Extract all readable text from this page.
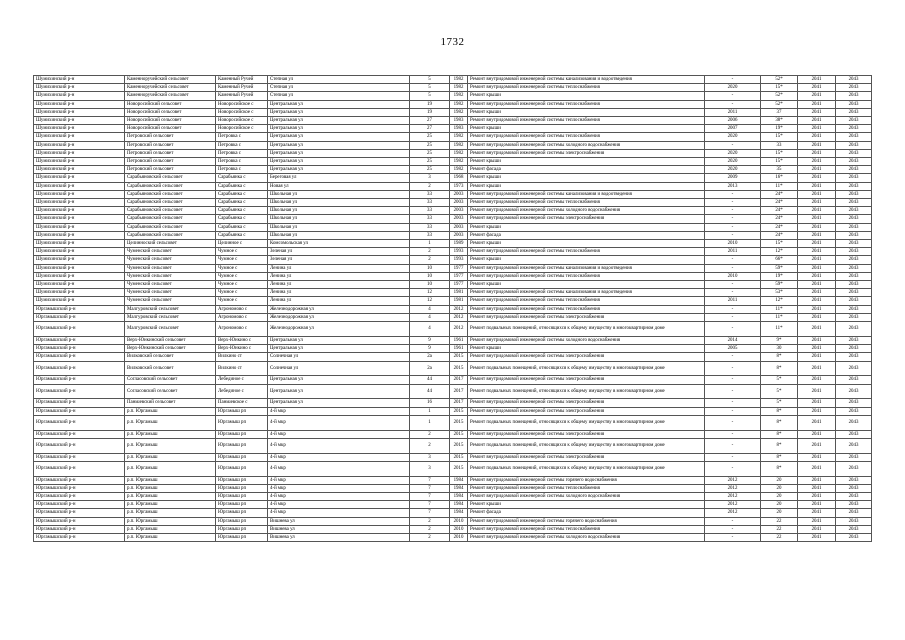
1732
Шумихинский р-н	Каменноручейский сельсовет	Каменный Ручей	Степная ул	5	1982	Ремонт внутридомовой инженерной системы канализования и водоотведения	-	52*	2041	2043
Шумихинский р-н	Каменноручейский сельсовет	Каменный Ручей	Степная ул	5	1982	Ремонт внутридомовой инженерной системы теплоснабжения	2020	15*	2041	2043
Шумихинский р-н	Каменноручейский сельсовет	Каменный Ручей	Степная ул	5	1982	Ремонт крыши	-	52*	2041	2043
Шумихинский р-н	Новоросийский сельсовет	Новоросийское с	Центральная ул	19	1982	Ремонт внутридомовой инженерной системы теплоснабжения	-	52*	2041	2043
Шумихинский р-н	Новоросийский сельсовет	Новоросийское с	Центральная ул	19	1982	Ремонт крыши	2011	37	2041	2043
Шумихинский р-н	Новоросийский сельсовет	Новоросийское с	Центральная ул	27	1983	Ремонт внутридомовой инженерной системы теплоснабжения	2006	38*	2041	2043
Шумихинский р-н	Новоросийский сельсовет	Новоросийское с	Центральная ул	27	1983	Ремонт крыши	2007	19*	2041	2043
Шумихинский р-н	Петровский сельсовет	Петровка с	Центральная ул	25	1982	Ремонт внутридомовой инженерной системы теплоснабжения	2020	15*	2041	2043
Шумихинский р-н	Петровский сельсовет	Петровка с	Центральная ул	25	1982	Ремонт внутридомовой инженерной системы холодного водоснабжения	-	33	2041	2043
Шумихинский р-н	Петровский сельсовет	Петровка с	Центральная ул	25	1982	Ремонт внутридомовой инженерной системы электроснабжения	2020	15*	2041	2043
Шумихинский р-н	Петровский сельсовет	Петровка с	Центральная ул	25	1982	Ремонт крыши	2020	15*	2041	2043
Шумихинский р-н	Петровский сельсовет	Петровка с	Центральная ул	25	1982	Ремонт фасада	2020	35	2041	2043
Шумихинский р-н	Сарабьяновский сельсовет	Сарабьянка с	Береговая ул	3	1968	Ремонт крыши	2009	16*	2041	2043
Шумихинский р-н	Сарабьяновский сельсовет	Сарабьянка с	Новая ул	2	1973	Ремонт крыши	2013	11*	2041	2043
Шумихинский р-н	Сарабьяновский сельсовет	Сарабьянка с	Школьная ул	33	2003	Ремонт внутридомовой инженерной системы канализования и водоотведения	-	24*	2041	2043
Шумихинский р-н	Сарабьяновский сельсовет	Сарабьянка с	Школьная ул	33	2003	Ремонт внутридомовой инженерной системы теплоснабжения	-	24*	2041	2043
Шумихинский р-н	Сарабьяновский сельсовет	Сарабьянка с	Школьная ул	33	2003	Ремонт внутридомовой инженерной системы холодного водоснабжения	-	24*	2041	2043
Шумихинский р-н	Сарабьяновский сельсовет	Сарабьянка с	Школьная ул	33	2003	Ремонт внутридомовой инженерной системы электроснабжения	-	24*	2041	2043
Шумихинский р-н	Сарабьяновский сельсовет	Сарабьянка с	Школьная ул	33	2003	Ремонт крыши	-	24*	2041	2043
Шумихинский р-н	Сарабьяновский сельсовет	Сарабьянка с	Школьная ул	33	2003	Ремонт фасада	-	24*	2041	2043
Шумихинский р-н	Целинноский сельсовет	Целинное с	Комсомольская ул	1	1989	Ремонт крыши	2010	15*	2041	2043
Шумихинский р-н	Чуменский сельсовет	Чумное с	Зеленая ул	2	1993	Ремонт внутридомовой инженерной системы теплоснабжения	2011	12*	2041	2043
Шумихинский р-н	Чуменский сельсовет	Чумное с	Зеленая ул	2	1993	Ремонт крыши	-	66*	2041	2043
Шумихинский р-н	Чуменский сельсовет	Чумное с	Ленина ул	10	1977	Ремонт внутридомовой инженерной системы канализования и водоотведения	-	59*	2041	2043
Шумихинский р-н	Чуменский сельсовет	Чумное с	Ленина ул	10	1977	Ремонт внутридомовой инженерной системы теплоснабжения	2010	19*	2041	2043
Шумихинский р-н	Чуменский сельсовет	Чумное с	Ленина ул	10	1977	Ремонт крыши	-	59*	2041	2043
Шумихинский р-н	Чуменский сельсовет	Чумное с	Ленина ул	12	1981	Ремонт внутридомовой инженерной системы канализования и водоотведения	-	53*	2041	2043
Шумихинский р-н	Чуменский сельсовет	Чумное с	Ленина ул	12	1981	Ремонт внутридомовой инженерной системы теплоснабжения	2011	12*	2041	2043
Юргамышский р-н	Малгуровский сельсовет	Агрономово с	Железнодорожная ул	4	2012	Ремонт внутридомовой инженерной системы теплоснабжения	-	11*	2041	2043
Юргамышский р-н	Малгуровский сельсовет	Агрономово с	Железнодорожная ул	4	2012	Ремонт внутридомовой инженерной системы электроснабжения	-	11*	2041	2043
Юргамышский р-н	Малгуровский сельсовет	Агрономово с	Железнодорожная ул	4	2012	Ремонт подвальных помещений, относящихся к общему имуществу в многоквартирном доме	-	11*	2041	2043
Юргамышский р-н	Верх-Юнкинский сельсовет	Верх-Юнкино с	Центральная ул	9	1961	Ремонт внутридомовой инженерной системы холодного водоснабжения	2014	9*	2041	2043
Юргамышский р-н	Верх-Юнкинский сельсовет	Верх-Юнкино с	Центральная ул	9	1961	Ремонт крыши	2005	30	2041	2043
Юргамышский р-н	Вилковский сельсовет	Вилкино ст	Солнечная ул	2а	2015	Ремонт внутридомовой инженерной системы электроснабжения	-	8*	2041	2043
Юргамышский р-н	Вилковский сельсовет	Вилкино ст	Солнечная ул	2а	2015	Ремонт подвальных помещений, относящихся к общему имуществу в многоквартирном доме	-	8*	2041	2043
Юргамышский р-н	Согласовский сельсовет	Лебединое с	Центральная ул	44	2017	Ремонт внутридомовой инженерной системы электроснабжения	-	5*	2041	2043
Юргамышский р-н	Согласовский сельсовет	Лебединое с	Центральная ул	44	2017	Ремонт подвальных помещений, относящихся к общему имуществу в многоквартирном доме	-	5*	2041	2043
Юргамышский р-н	Паньчевский сельсовет	Паньчевское с	Центральная ул	16	2017	Ремонт внутридомовой инженерной системы электроснабжения	-	5*	2041	2043
Юргамышский р-н	р.п. Юргамыш	Юргамыш рп	4-й мкр	1	2015	Ремонт внутридомовой инженерной системы электроснабжения	-	8*	2041	2043
Юргамышский р-н	р.п. Юргамыш	Юргамыш рп	4-й мкр	1	2015	Ремонт подвальных помещений, относящихся к общему имуществу в многоквартирном доме	-	8*	2041	2043
Юргамышский р-н	р.п. Юргамыш	Юргамыш рп	4-й мкр	2	2015	Ремонт внутридомовой инженерной системы электроснабжения	-	8*	2041	2043
Юргамышский р-н	р.п. Юргамыш	Юргамыш рп	4-й мкр	2	2015	Ремонт подвальных помещений, относящихся к общему имуществу в многоквартирном доме	-	8*	2041	2043
Юргамышский р-н	р.п. Юргамыш	Юргамыш рп	4-й мкр	3	2015	Ремонт внутридомовой инженерной системы электроснабжения	-	8*	2041	2043
Юргамышский р-н	р.п. Юргамыш	Юргамыш рп	4-й мкр	3	2015	Ремонт подвальных помещений, относящихся к общему имуществу в многоквартирном доме	-	8*	2041	2043
Юргамышский р-н	р.п. Юргамыш	Юргамыш рп	4-й мкр	7	1984	Ремонт внутридомовой инженерной системы горячего водоснабжения	2012	20	2041	2043
Юргамышский р-н	р.п. Юргамыш	Юргамыш рп	4-й мкр	7	1984	Ремонт внутридомовой инженерной системы теплоснабжения	2012	20	2041	2043
Юргамышский р-н	р.п. Юргамыш	Юргамыш рп	4-й мкр	7	1984	Ремонт внутридомовой инженерной системы холодного водоснабжения	2012	20	2041	2043
Юргамышский р-н	р.п. Юргамыш	Юргамыш рп	4-й мкр	7	1984	Ремонт крыши	2012	20	2041	2043
Юргамышский р-н	р.п. Юргамыш	Юргамыш рп	4-й мкр	7	1984	Ремонт фасада	2012	20	2041	2043
Юргамышский р-н	р.п. Юргамыш	Юргамыш рп	Вишнева ул	2	2010	Ремонт внутридомовой инженерной системы горячего водоснабжения	-	22	2041	2043
Юргамышский р-н	р.п. Юргамыш	Юргамыш рп	Вишнева ул	2	2010	Ремонт внутридомовой инженерной системы теплоснабжения	-	22	2041	2043
Юргамышский р-н	р.п. Юргамыш	Юргамыш рп	Вишнева ул	2	2010	Ремонт внутридомовой инженерной системы холодного водоснабжения	-	22	2041	2043
